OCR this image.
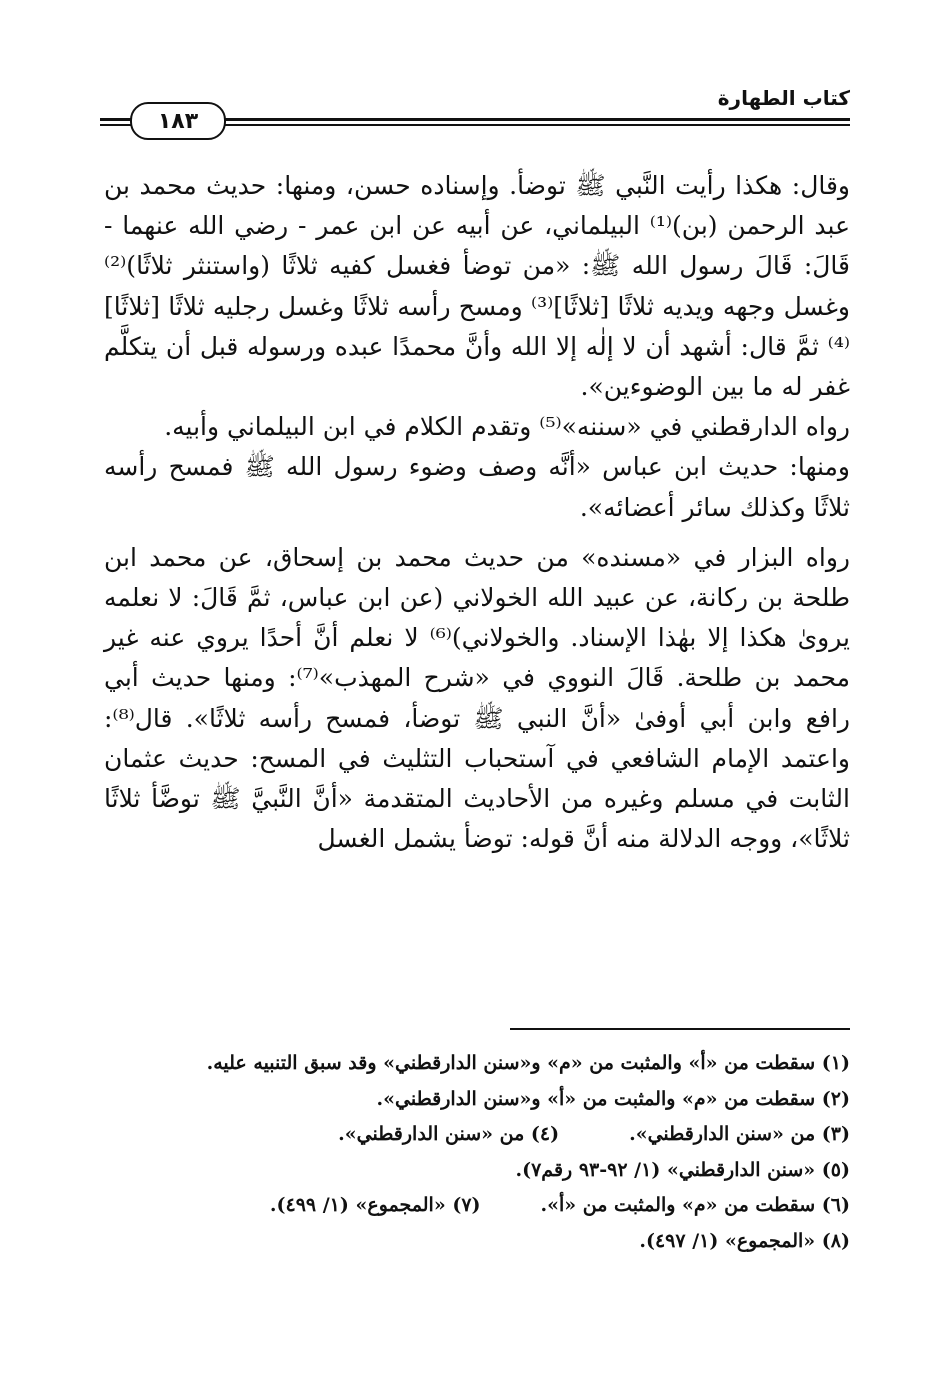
١٨٣
كتاب الطهارة

وقال: هكذا رأيت النَّبي ﷺ توضأ. وإسناده حسن، ومنها: حديث محمد بن عبد الرحمن (بن)⁽¹⁾ البيلماني، عن أبيه عن ابن عمر - رضي الله عنهما - قَالَ: قَالَ رسول الله ﷺ: «من توضأ فغسل كفيه ثلاثًا (واستنثر ثلاثًا)⁽²⁾ وغسل وجهه ويديه ثلاثًا [ثلاثًا]⁽³⁾ ومسح رأسه ثلاثًا وغسل رجليه ثلاثًا [ثلاثًا]⁽⁴⁾ ثمَّ قال: أشهد أن لا إلٰه إلا الله وأنَّ محمدًا عبده ورسوله قبل أن يتكلَّم غفر له ما بين الوضوءين».

رواه الدارقطني في «سننه»⁽⁵⁾ وتقدم الكلام في ابن البيلماني وأبيه.

ومنها: حديث ابن عباس «أنَّه وصف وضوء رسول الله ﷺ فمسح رأسه ثلاثًا وكذلك سائر أعضائه».

رواه البزار في «مسنده» من حديث محمد بن إسحاق، عن محمد ابن طلحة بن ركانة، عن عبيد الله الخولاني (عن ابن عباس، ثمَّ قَالَ: لا نعلمه يروىٰ هكذا إلا بهٰذا الإسناد. والخولاني)⁽⁶⁾ لا نعلم أنَّ أحدًا يروي عنه غير محمد بن طلحة. قَالَ النووي في «شرح المهذب»⁽⁷⁾: ومنها حديث أبي رافع وابن أبي أوفىٰ «أنَّ النبي ﷺ توضأ، فمسح رأسه ثلاثًا». قال⁽⁸⁾: واعتمد الإمام الشافعي في آستحباب التثليث في المسح: حديث عثمان الثابت في مسلم وغيره من الأحاديث المتقدمة «أنَّ النَّبيَّ ﷺ توضَّأ ثلاثًا ثلاثًا»، ووجه الدلالة منه أنَّ قوله: توضأ يشمل الغسل

(١) سقطت من «أ» والمثبت من «م» و«سنن الدارقطني» وقد سبق التنبيه عليه.
(٢) سقطت من «م» والمثبت من «أ» و«سنن الدارقطني».
(٣) من «سنن الدارقطني».
(٤) من «سنن الدارقطني».
(٥) «سنن الدارقطني» (١/ ٩٢-٩٣ رقم٧).
(٦) سقطت من «م» والمثبت من «أ».
(٧) «المجموع» (١/ ٤٩٩).
(٨) «المجموع» (١/ ٤٩٧).
